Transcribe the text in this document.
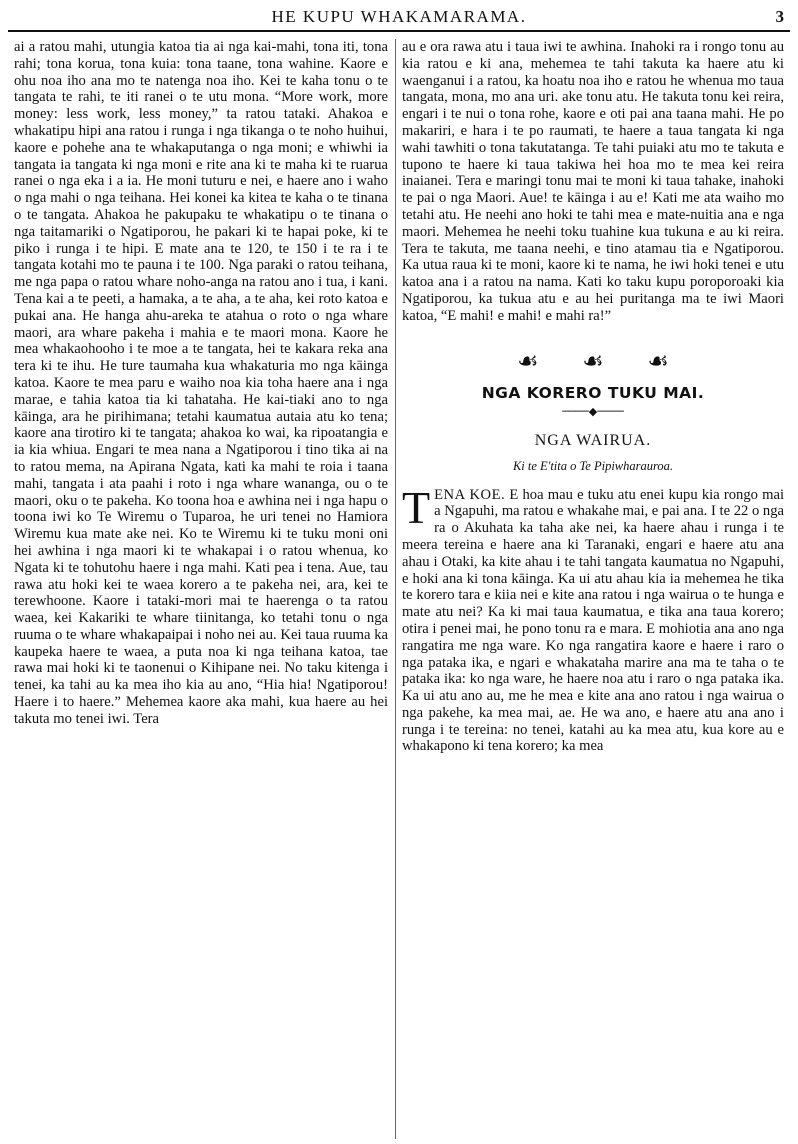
HE KUPU WHAKAMARAMA.	3

ai a ratou mahi, utungia katoa tia ai nga kai-mahi, tona iti, tona rahi; tona korua, tona kuia: tona taane, tona wahine. Kaore e ohu noa iho ana mo te natenga noa iho. Kei te kaha tonu o te tangata te rahi, te iti ranei o te utu mona. “More work, more money: less work, less money,” ta ratou tataki. Ahakoa e whakatipu hipi ana ratou i runga i nga tikanga o te noho huihui, kaore e pohehe ana te whakaputanga o nga moni; e whiwhi ia tangata ia tangata ki nga moni e rite ana ki te maha ki te ruarua ranei o nga eka i a ia. He moni tuturu e nei, e haere ano i waho o nga mahi o nga teihana. Hei konei ka kitea te kaha o te tinana o te tangata. Ahakoa he pakupaku te whakatipu o te tinana o nga taitamariki o Ngatiporou, he pakari ki te hapai poke, ki te piko i runga i te hipi. E mate ana te 120, te 150 i te ra i te tangata kotahi mo te pauna i te 100. Nga paraki o ratou teihana, me nga papa o ratou whare noho-anga na ratou ano i tua, i kani. Tena kai a te peeti, a hamaka, a te aha, a te aha, kei roto katoa e pukai ana. He hanga ahu-areka te atahua o roto o nga whare maori, ara whare pakeha i mahia e te maori mona. Kaore he mea whakaohooho i te moe a te tangata, hei te kakara reka ana tera ki te ihu. He ture taumaha kua whakaturia mo nga kāinga katoa. Kaore te mea paru e waiho noa kia toha haere ana i nga marae, e tahia katoa tia ki tahataha. He kai-tiaki ano to nga kāinga, ara he pirihimana; tetahi kaumatua autaia atu ko tena; kaore ana tirotiro ki te tangata; ahakoa ko wai, ka ripoatangia e ia kia whiua. Engari te mea nana a Ngatiporou i tino tika ai na to ratou mema, na Apirana Ngata, kati ka mahi te roia i taana mahi, tangata i ata paahi i roto i nga whare wananga, ou o te maori, oku o te pakeha. Ko toona hoa e awhina nei i nga hapu o toona iwi ko Te Wiremu o Tuparoa, he uri tenei no Hamiora Wiremu kua mate ake nei. Ko te Wiremu ki te tuku moni oni hei awhina i nga maori ki te whakapai i o ratou whenua, ko Ngata ki te tohutohu haere i nga mahi. Kati pea i tena. Aue, tau rawa atu hoki kei te waea korero a te pakeha nei, ara, kei te terewhoone. Kaore i tataki-mori mai te haerenga o ta ratou waea, kei Kakariki te whare tiinitanga, ko tetahi tonu o nga ruuma o te whare whakapaipai i noho nei au. Kei taua ruuma ka kaupeka haere te waea, a puta noa ki nga teihana katoa, tae rawa mai hoki ki te taonenui o Kihipane nei. No taku kitenga i tenei, ka tahi au ka mea iho kia au ano, “Hia hia! Ngatiporou! Haere i to haere.” Mehemea kaore aka mahi, kua haere au hei takuta mo tenei iwi. Tera

au e ora rawa atu i taua iwi te awhina. Inahoki ra i rongo tonu au kia ratou e ki ana, mehemea te tahi takuta ka haere atu ki waenganui i a ratou, ka hoatu noa iho e ratou he whenua mo taua tangata, mona, mo ana uri. ake tonu atu. He takuta tonu kei reira, engari i te nui o tona rohe, kaore e oti pai ana taana mahi. He po makariri, e hara i te po raumati, te haere a taua tangata ki nga wahi tawhiti o tona takutatanga. Te tahi puiaki atu mo te takuta e tupono te haere ki taua takiwa hei hoa mo te mea kei reira inaianei. Tera e maringi tonu mai te moni ki taua tahake, inahoki te pai o nga Maori. Aue! te kāinga i au e! Kati me ata waiho mo tetahi atu. He neehi ano hoki te tahi mea e mate-nuitia ana e nga maori. Mehemea he neehi toku tuahine kua tukuna e au ki reira. Tera te takuta, me taana neehi, e tino atamau tia e Ngatiporou. Ka utua raua ki te moni, kaore ki te nama, he iwi hoki tenei e utu katoa ana i a ratou na nama. Kati ko taku kupu poroporoaki kia Ngatiporou, ka tukua atu e au hei puritanga ma te iwi Maori katoa, “E mahi! e mahi! e mahi ra!”

☙ ☙ ☙
NGA KORERO TUKU MAI.
────◆────
NGA WAIRUA.
Ki te E'tita o Te Pipiwharauroa.

TENA KOE. E hoa mau e tuku atu enei kupu kia rongo mai a Ngapuhi, ma ratou e whakahe mai, e pai ana. I te 22 o nga ra o Akuhata ka taha ake nei, ka haere ahau i runga i te meera tereina e haere ana ki Taranaki, engari e haere atu ana ahau i Otaki, ka kite ahau i te tahi tangata kaumatua no Ngapuhi, e hoki ana ki tona kāinga. Ka ui atu ahau kia ia mehemea he tika te korero tara e kiia nei e kite ana ratou i nga wairua o te hunga e mate atu nei? Ka ki mai taua kaumatua, e tika ana taua korero; otira i penei mai, he pono tonu ra e mara. E mohiotia ana ano nga rangatira me nga ware. Ko nga rangatira kaore e haere i raro o nga pataka ika, e ngari e whakataha marire ana ma te taha o te pataka ika: ko nga ware, he haere noa atu i raro o nga pataka ika. Ka ui atu ano au, me he mea e kite ana ano ratou i nga wairua o nga pakehe, ka mea mai, ae. He wa ano, e haere atu ana ano i runga i te tereina: no tenei, katahi au ka mea atu, kua kore au e whakapono ki tena korero; ka mea
